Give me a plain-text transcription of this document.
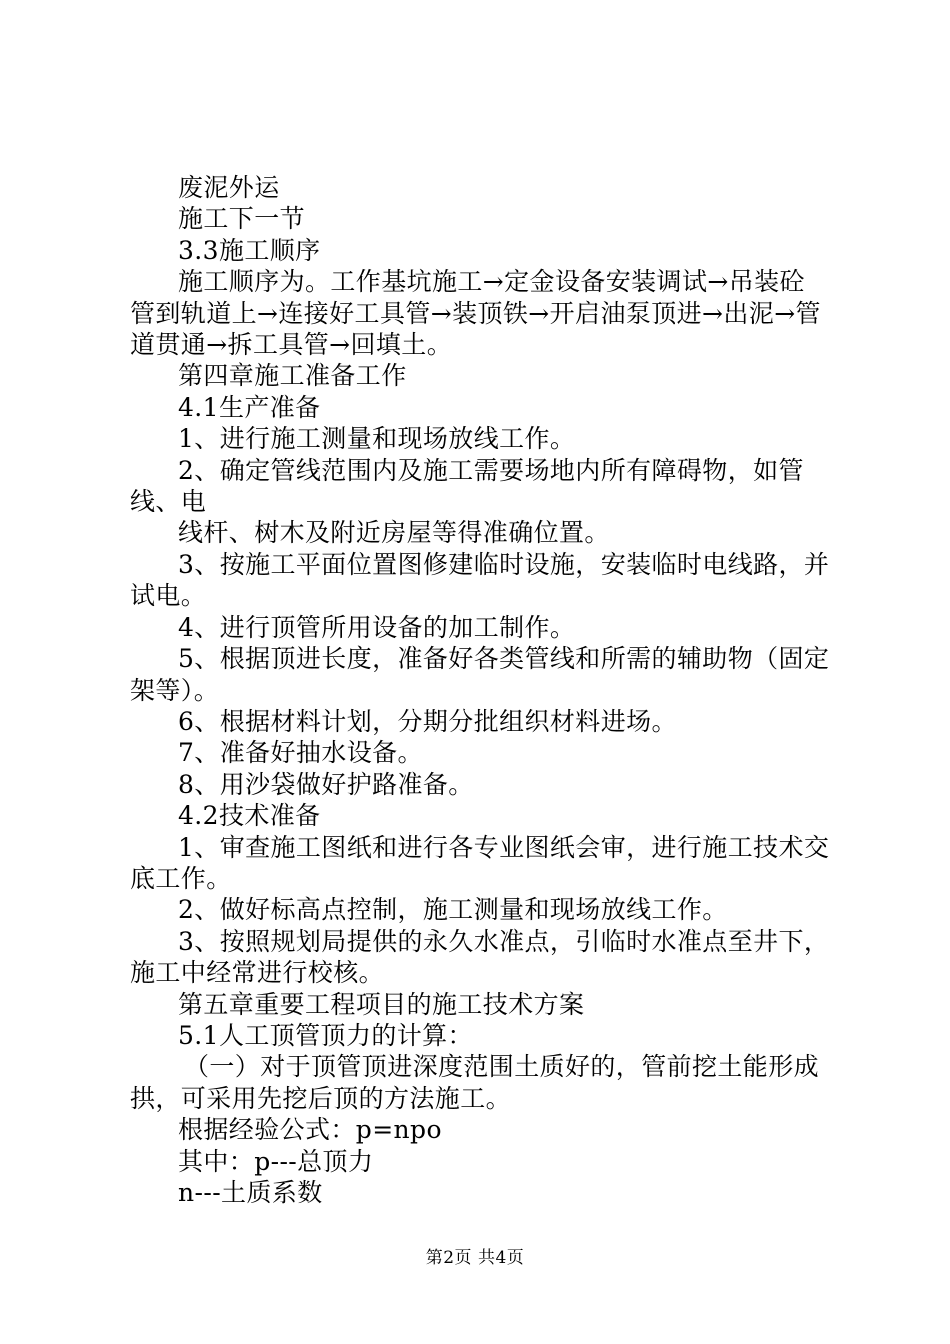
废泥外运

施工下一节

3.3施工顺序

施工顺序为。工作基坑施工→定金设备安装调试→吊装砼管到轨道上→连接好工具管→装顶铁→开启油泵顶进→出泥→管道贯通→拆工具管→回填土。

第四章施工准备工作

4.1生产准备

1、进行施工测量和现场放线工作。

2、确定管线范围内及施工需要场地内所有障碍物，如管线、电

线杆、树木及附近房屋等得准确位置。

3、按施工平面位置图修建临时设施，安装临时电线路，并试电。

4、进行顶管所用设备的加工制作。

5、根据顶进长度，准备好各类管线和所需的辅助物（固定架等）。

6、根据材料计划，分期分批组织材料进场。

7、准备好抽水设备。

8、用沙袋做好护路准备。

4.2技术准备

1、审查施工图纸和进行各专业图纸会审，进行施工技术交底工作。

2、做好标高点控制，施工测量和现场放线工作。

3、按照规划局提供的永久水准点，引临时水准点至井下，施工中经常进行校核。

第五章重要工程项目的施工技术方案

5.1人工顶管顶力的计算：

（一）对于顶管顶进深度范围土质好的，管前挖土能形成拱，可采用先挖后顶的方法施工。

根据经验公式：p=npo

其中：p---总顶力

n---土质系数

第2页 共4页
